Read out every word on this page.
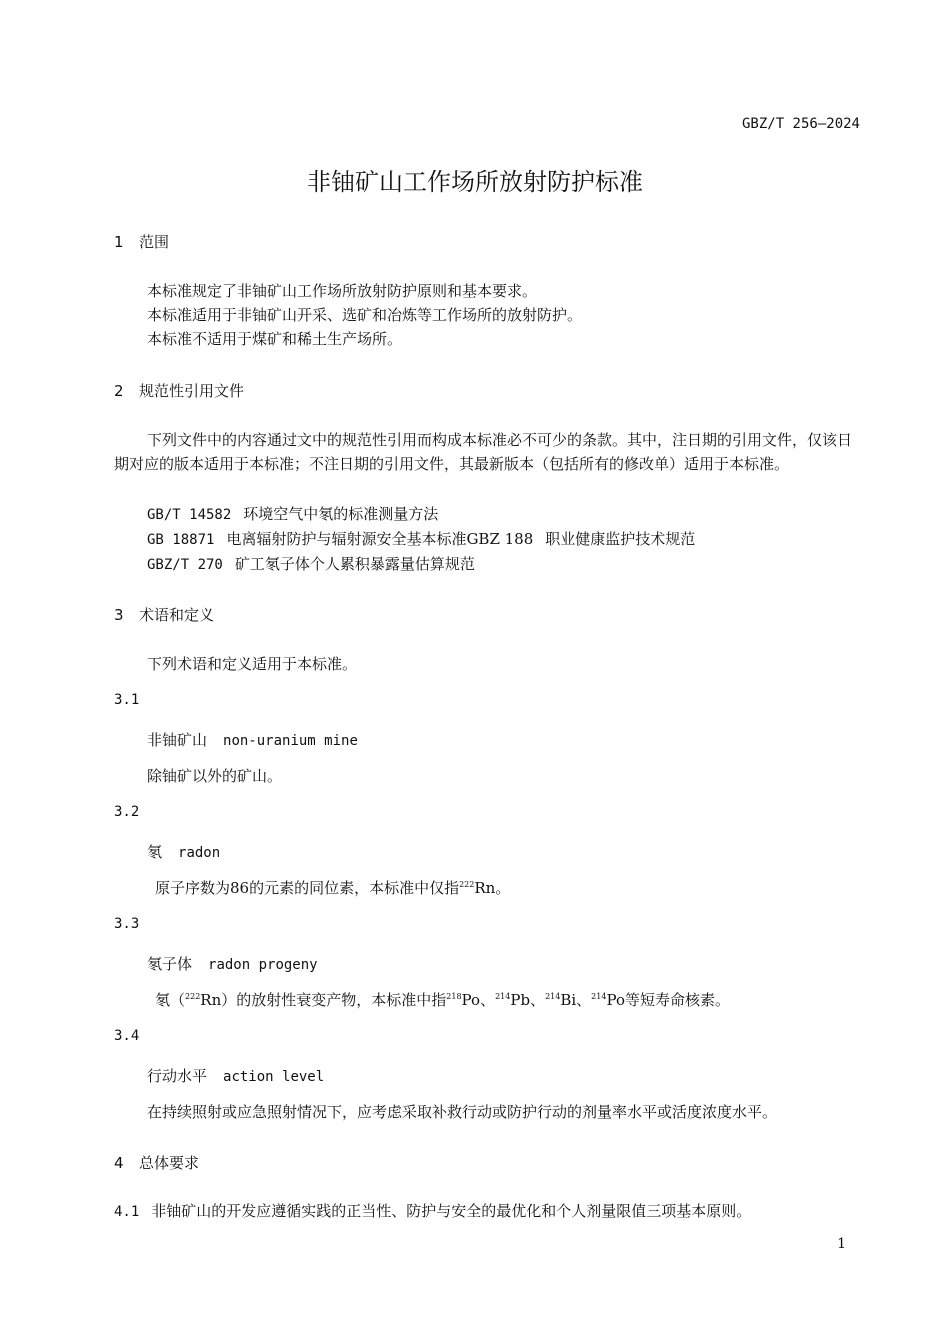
GBZ/T 256—2024
非铀矿山工作场所放射防护标准
1 范围
本标准规定了非铀矿山工作场所放射防护原则和基本要求。
本标准适用于非铀矿山开采、选矿和冶炼等工作场所的放射防护。
本标准不适用于煤矿和稀土生产场所。
2 规范性引用文件
下列文件中的内容通过文中的规范性引用而构成本标准必不可少的条款。其中，注日期的引用文件，仅该日期对应的版本适用于本标准；不注日期的引用文件，其最新版本（包括所有的修改单）适用于本标准。
GB/T 14582 环境空气中氡的标准测量方法
GB 18871 电离辐射防护与辐射源安全基本标准GBZ 188 职业健康监护技术规范
GBZ/T 270 矿工氡子体个人累积暴露量估算规范
3 术语和定义
下列术语和定义适用于本标准。
3.1
非铀矿山 non-uranium mine
除铀矿以外的矿山。
3.2
氡 radon
原子序数为86的元素的同位素，本标准中仅指$^{222}$Rn。
3.3
氡子体 radon progeny
氡（$^{222}$Rn）的放射性衰变产物，本标准中指$^{218}$Po、$^{214}$Pb、$^{214}$Bi、$^{214}$Po等短寿命核素。
3.4
行动水平 action level
在持续照射或应急照射情况下，应考虑采取补救行动或防护行动的剂量率水平或活度浓度水平。
4 总体要求
4.1 非铀矿山的开发应遵循实践的正当性、防护与安全的最优化和个人剂量限值三项基本原则。
1
